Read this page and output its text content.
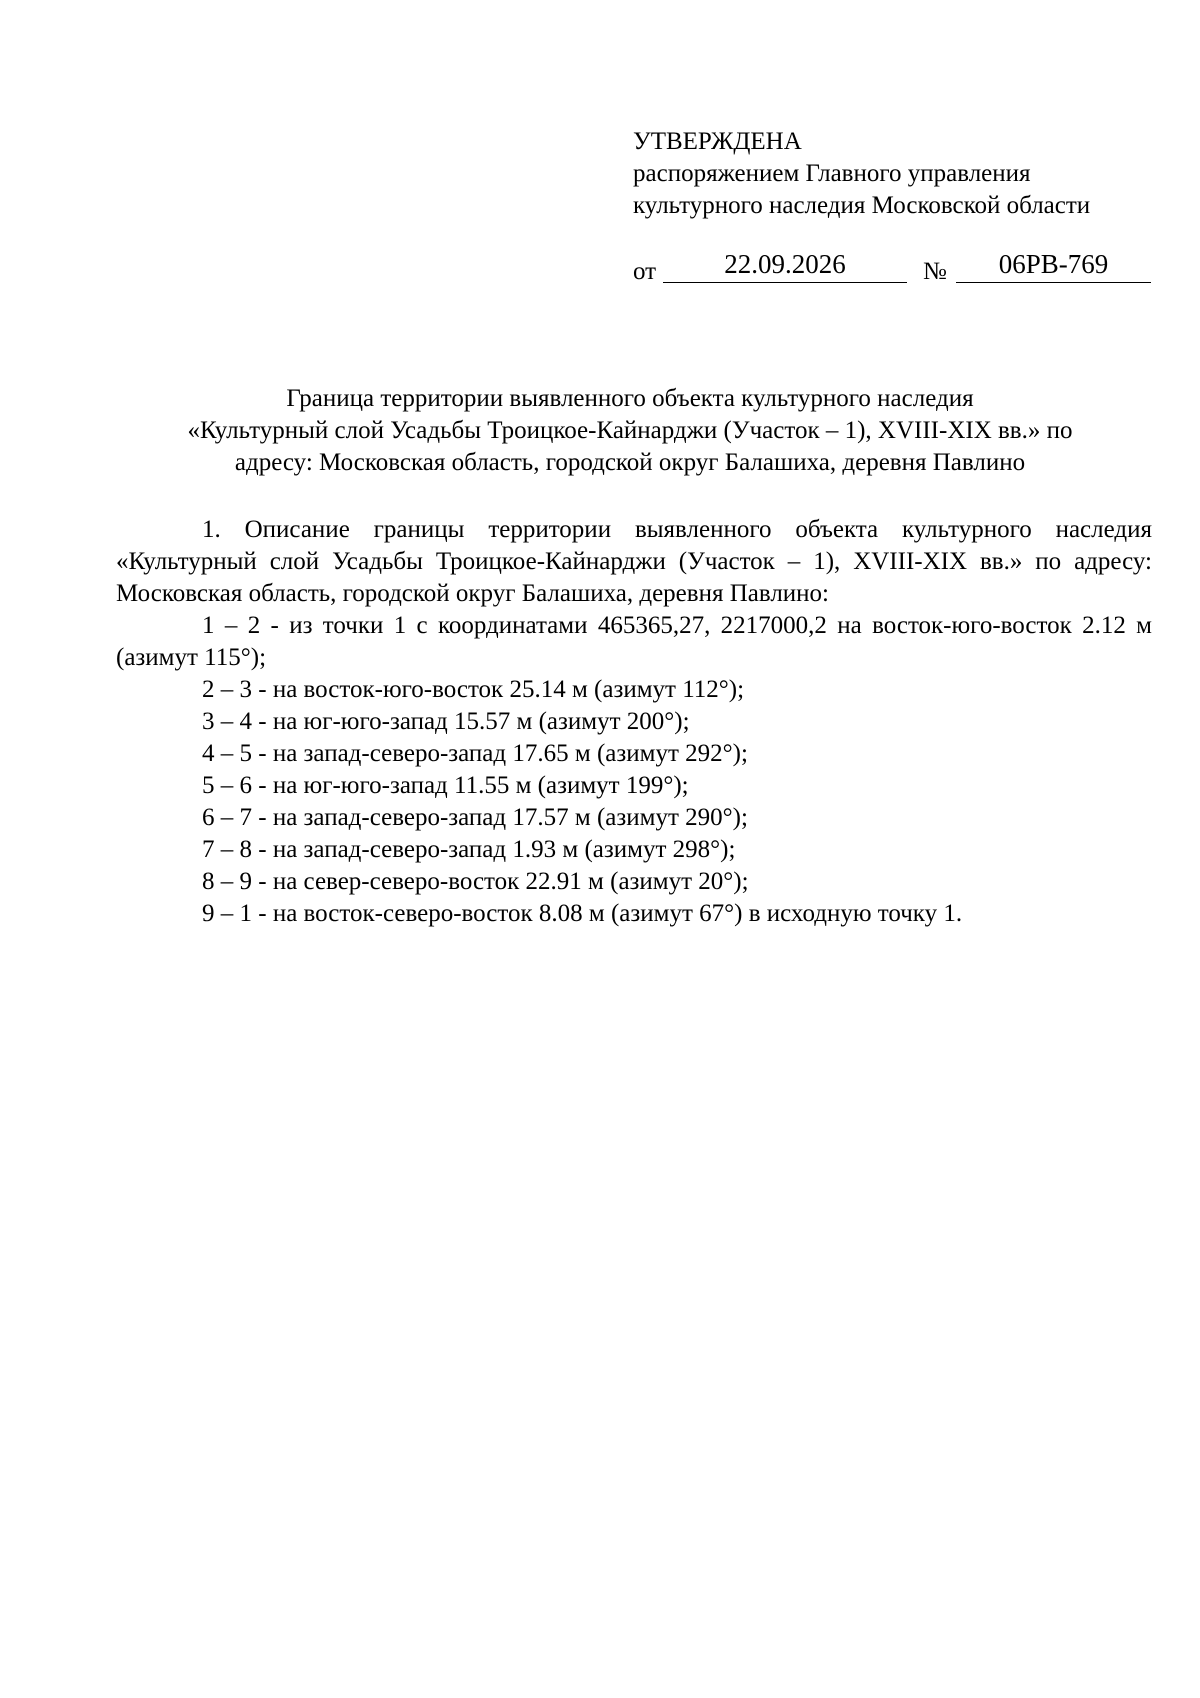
УТВЕРЖДЕНА
распоряжением Главного управления
культурного наследия Московской области
от	22.09.2026	№	06РВ-769
Граница территории выявленного объекта культурного наследия
«Культурный слой Усадьбы Троицкое-Кайнарджи (Участок – 1), XVIII-XIX вв.» по
адресу: Московская область, городской округ Балашиха, деревня Павлино

1. Описание границы территории выявленного объекта культурного наследия «Культурный слой Усадьбы Троицкое-Кайнарджи (Участок – 1), XVIII-XIX вв.» по адресу: Московская область, городской округ Балашиха, деревня Павлино:

1 – 2 - из точки 1 с координатами 465365,27, 2217000,2 на восток-юго-восток 2.12 м (азимут 115°);

2 – 3 - на восток-юго-восток 25.14 м (азимут 112°);

3 – 4 - на юг-юго-запад 15.57 м (азимут 200°);

4 – 5 - на запад-северо-запад 17.65 м (азимут 292°);

5 – 6 - на юг-юго-запад 11.55 м (азимут 199°);

6 – 7 - на запад-северо-запад 17.57 м (азимут 290°);

7 – 8 - на запад-северо-запад 1.93 м (азимут 298°);

8 – 9 - на север-северо-восток 22.91 м (азимут 20°);

9 – 1 - на восток-северо-восток 8.08 м (азимут 67°) в исходную точку 1.
